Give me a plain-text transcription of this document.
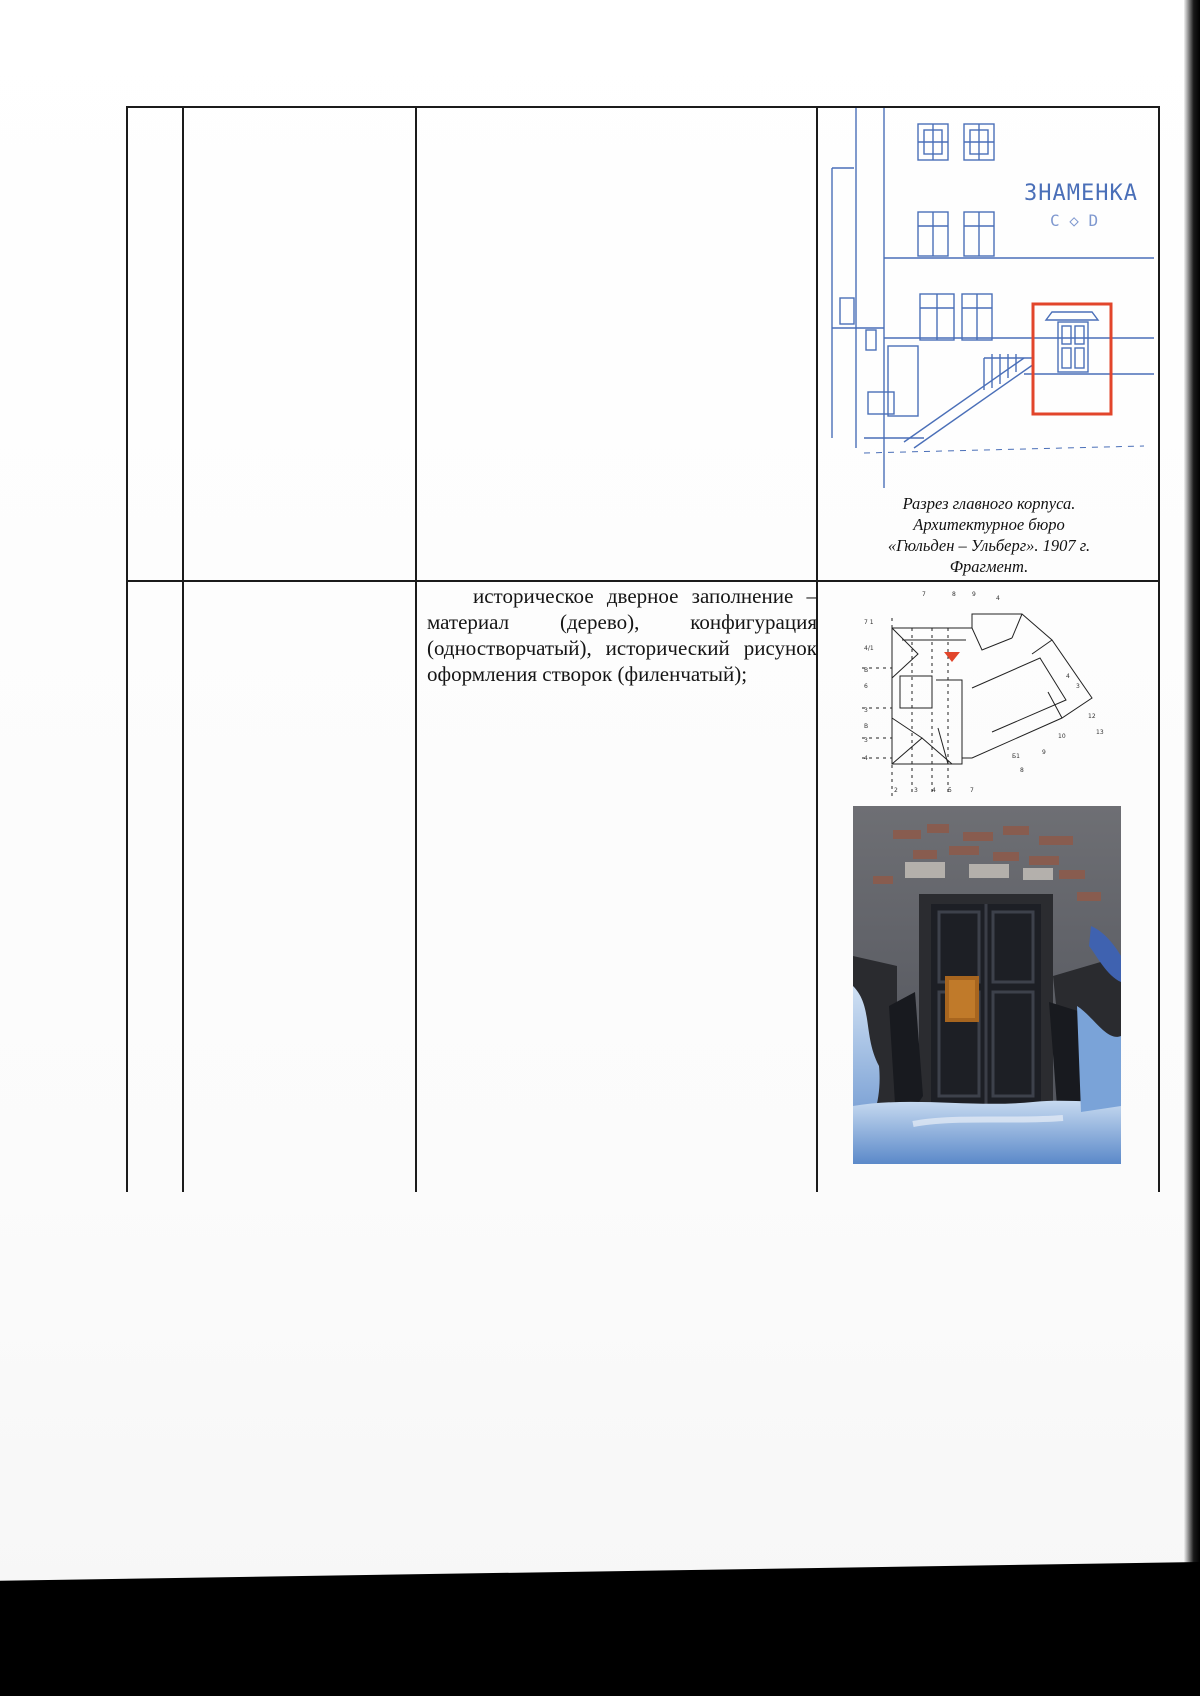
историческое дверное заполнение – материал (дерево), конфигурация (одностворчатый), исторический рисунок оформления створок (филенчатый);
ЗНАМЕНКА
C ◇ D
Разрез главного корпуса.
Архитектурное бюро
«Гюльден – Ульберг». 1907 г.
Фрагмент.
7 1
7	8	9
4
4/1
B
6
3
B
3
4
2	3 4 5	7
4
3
12
13
10
8
9
Б1
